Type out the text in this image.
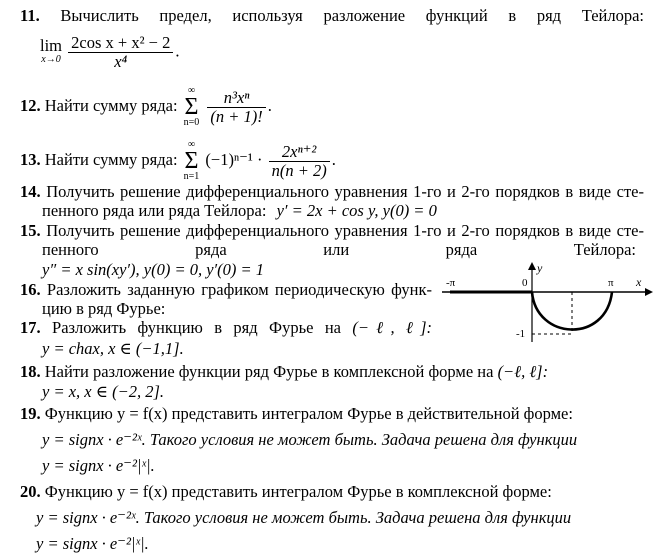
11. Вычислить предел, используя разложение функций в ряд Тейлора:
lim
x→0
$\frac{\text{2cos x + x² − 2}}{\text{x⁴}}$ .
12. Найти сумму ряда:
∞
Σ
n=0
$\frac{\text{n³xⁿ}}{(n + 1)!}$ .
13. Найти сумму ряда:
∞
Σ
n=1
$(-1)^{n-1} \cdot \frac{\text{2xⁿ⁺²}}{n(n + 2)}$ .
14. Получить решение дифференциального уравнения 1-го и 2-го порядков в виде сте-
пенного ряда или ряда Тейлора: y′ = 2x + cos y, y(0) = 0
15. Получить решение дифференциального уравнения 1-го и 2-го порядков в виде сте-
пенного ряда или ряда Тейлора:
y″ = x sin(xy′), y(0) = 0, y′(0) = 1
16. Разложить заданную графиком периодическую функ-
цию в ряд Фурье:
-π	0	π x
y
-1
17. Разложить функцию в ряд Фурье на (−ℓ, ℓ]:
y = chax, x ∈ (−1,1].
18. Найти разложение функции ряд Фурье в комплексной форме на (−ℓ, ℓ]:
y = x, x ∈ (−2, 2].
19. Функцию y = f(x) представить интегралом Фурье в действительной форме:
y = signx · e⁻²ˣ. Такого условия не может быть. Задача решена для функции
y = signx · e⁻²|ˣ|.
20. Функцию y = f(x) представить интегралом Фурье в комплексной форме:
y = signx · e⁻²ˣ. Такого условия не может быть. Задача решена для функции
y = signx · e⁻²|ˣ|.
